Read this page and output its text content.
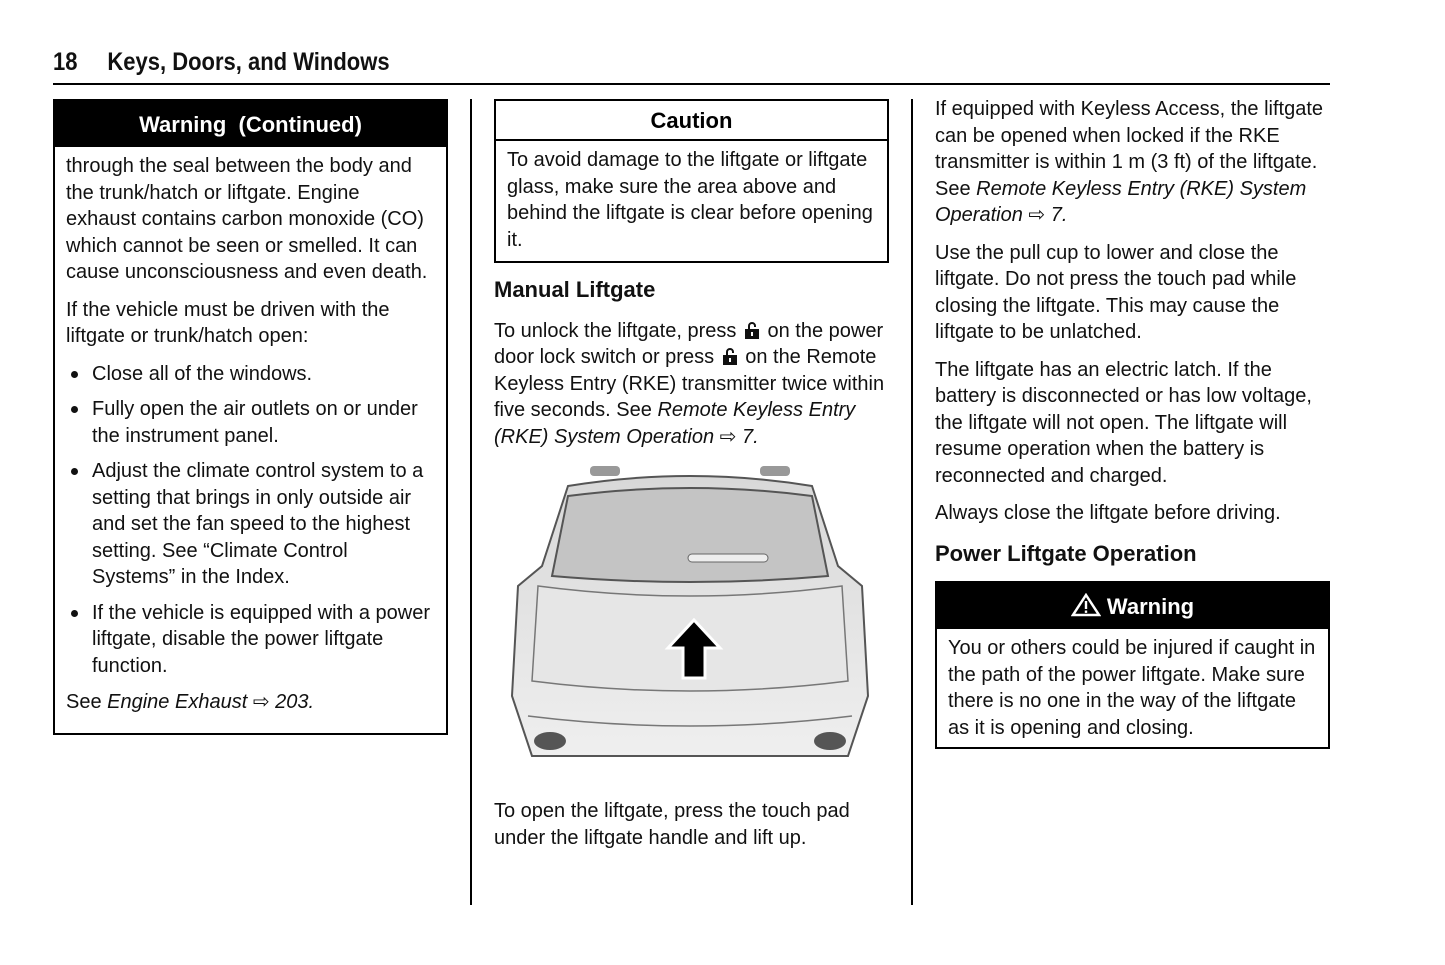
18 Keys, Doors, and Windows
Warning  (Continued)

through the seal between the body and the trunk/hatch or liftgate. Engine exhaust contains carbon monoxide (CO) which cannot be seen or smelled. It can cause unconsciousness and even death.

If the vehicle must be driven with the liftgate or trunk/hatch open:

Close all of the windows.
Fully open the air outlets on or under the instrument panel.
Adjust the climate control system to a setting that brings in only outside air and set the fan speed to the highest setting. See “Climate Control Systems” in the Index.
If the vehicle is equipped with a power liftgate, disable the power liftgate function.

See Engine Exhaust ⇨ 203.

Caution

To avoid damage to the liftgate or liftgate glass, make sure the area above and behind the liftgate is clear before opening it.

Manual Liftgate

To unlock the liftgate, press on the power door lock switch or press on the Remote Keyless Entry (RKE) transmitter twice within five seconds. See Remote Keyless Entry (RKE) System Operation ⇨ 7.

To open the liftgate, press the touch pad under the liftgate handle and lift up.

If equipped with Keyless Access, the liftgate can be opened when locked if the RKE transmitter is within 1 m (3 ft) of the liftgate. See Remote Keyless Entry (RKE) System Operation ⇨ 7.

Use the pull cup to lower and close the liftgate. Do not press the touch pad while closing the liftgate. This may cause the liftgate to be unlatched.

The liftgate has an electric latch. If the battery is disconnected or has low voltage, the liftgate will not open. The liftgate will resume operation when the battery is reconnected and charged.

Always close the liftgate before driving.

Power Liftgate Operation
Warning

You or others could be injured if caught in the path of the power liftgate. Make sure there is no one in the way of the liftgate as it is opening and closing.
